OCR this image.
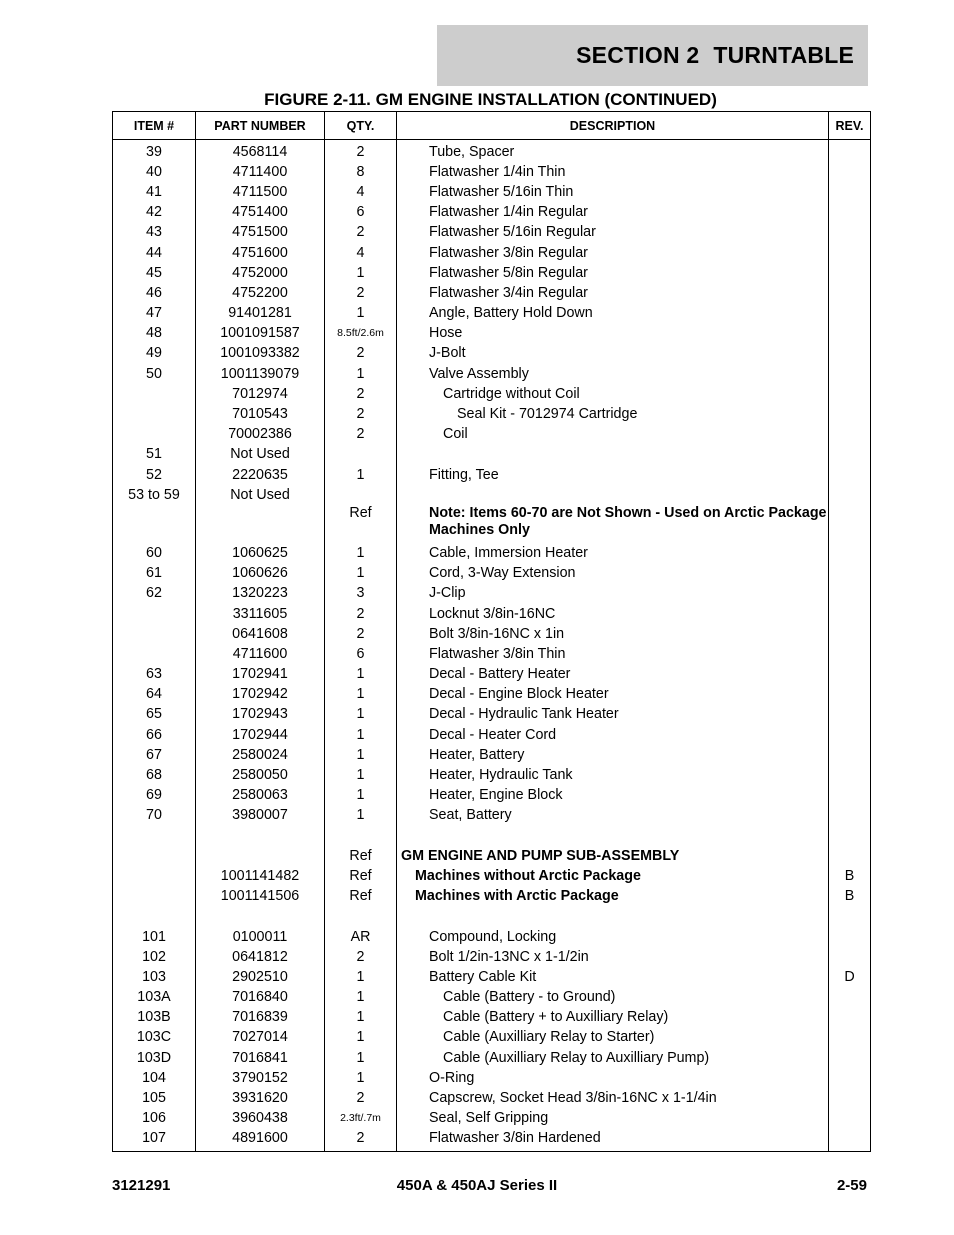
SECTION 2 TURNTABLE
FIGURE 2-11. GM ENGINE INSTALLATION (CONTINUED)
ITEM #	PART NUMBER	QTY.	DESCRIPTION	REV.
39	4568114	2	Tube, Spacer	
40	4711400	8	Flatwasher 1/4in Thin	
41	4711500	4	Flatwasher 5/16in Thin	
42	4751400	6	Flatwasher 1/4in Regular	
43	4751500	2	Flatwasher 5/16in Regular	
44	4751600	4	Flatwasher 3/8in Regular	
45	4752000	1	Flatwasher 5/8in Regular	
46	4752200	2	Flatwasher 3/4in Regular	
47	91401281	1	Angle, Battery Hold Down	
48	1001091587	8.5ft/2.6m	Hose	
49	1001093382	2	J-Bolt	
50	1001139079	1	Valve Assembly	
	7012974	2	Cartridge without Coil	
	7010543	2	Seal Kit - 7012974 Cartridge	
	70002386	2	Coil	
51	Not Used			
52	2220635	1	Fitting, Tee	
53 to 59	Not Used			
		Ref	Note: Items 60-70 are Not Shown - Used on Arctic Package Machines Only	
60	1060625	1	Cable, Immersion Heater	
61	1060626	1	Cord, 3-Way Extension	
62	1320223	3	J-Clip	
	3311605	2	Locknut 3/8in-16NC	
	0641608	2	Bolt 3/8in-16NC x 1in	
	4711600	6	Flatwasher 3/8in Thin	
63	1702941	1	Decal - Battery Heater	
64	1702942	1	Decal - Engine Block Heater	
65	1702943	1	Decal - Hydraulic Tank Heater	
66	1702944	1	Decal - Heater Cord	
67	2580024	1	Heater, Battery	
68	2580050	1	Heater, Hydraulic Tank	
69	2580063	1	Heater, Engine Block	
70	3980007	1	Seat, Battery	

		Ref	GM ENGINE AND PUMP SUB-ASSEMBLY	
	1001141482	Ref	Machines without Arctic Package	B
	1001141506	Ref	Machines with Arctic Package	B

101	0100011	AR	Compound, Locking	
102	0641812	2	Bolt 1/2in-13NC x 1-1/2in	
103	2902510	1	Battery Cable Kit	D
103A	7016840	1	Cable (Battery - to Ground)	
103B	7016839	1	Cable (Battery + to Auxilliary Relay)	
103C	7027014	1	Cable (Auxilliary Relay to Starter)	
103D	7016841	1	Cable (Auxilliary Relay to Auxilliary Pump)	
104	3790152	1	O-Ring	
105	3931620	2	Capscrew, Socket Head 3/8in-16NC x 1-1/4in	
106	3960438	2.3ft/.7m	Seal, Self Gripping	
107	4891600	2	Flatwasher 3/8in Hardened	
3121291	450A & 450AJ Series II	2-59
